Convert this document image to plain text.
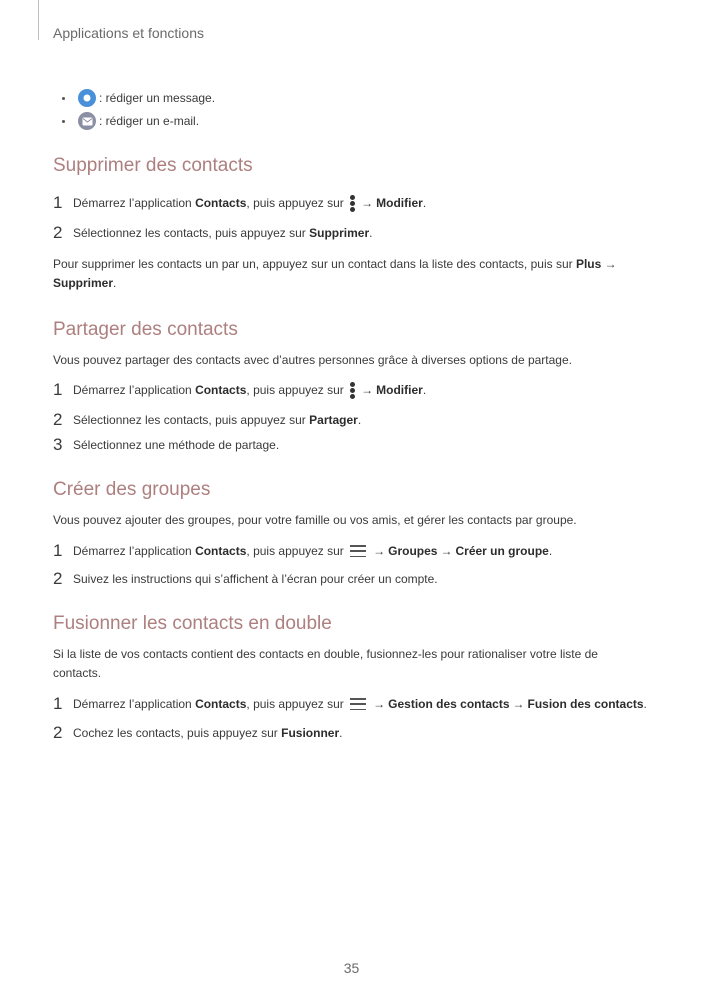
Applications et fonctions
: rédiger un message.
: rédiger un e-mail.
Supprimer des contacts
1 Démarrez l’application Contacts , puis appuyez sur → Modifier .
2 Sélectionnez les contacts, puis appuyez sur Supprimer .
Pour supprimer les contacts un par un, appuyez sur un contact dans la liste des contacts, puis sur Plus → Supprimer.
Partager des contacts
Vous pouvez partager des contacts avec d’autres personnes grâce à diverses options de partage.
1 Démarrez l’application Contacts , puis appuyez sur → Modifier .
2 Sélectionnez les contacts, puis appuyez sur Partager .
3 Sélectionnez une méthode de partage.
Créer des groupes
Vous pouvez ajouter des groupes, pour votre famille ou vos amis, et gérer les contacts par groupe.
1 Démarrez l’application Contacts , puis appuyez sur → Groupes → Créer un groupe .
2 Suivez les instructions qui s’affichent à l’écran pour créer un compte.
Fusionner les contacts en double
Si la liste de vos contacts contient des contacts en double, fusionnez-les pour rationaliser votre liste de contacts.
1 Démarrez l’application Contacts , puis appuyez sur → Gestion des contacts → Fusion des contacts .
2 Cochez les contacts, puis appuyez sur Fusionner .
35
